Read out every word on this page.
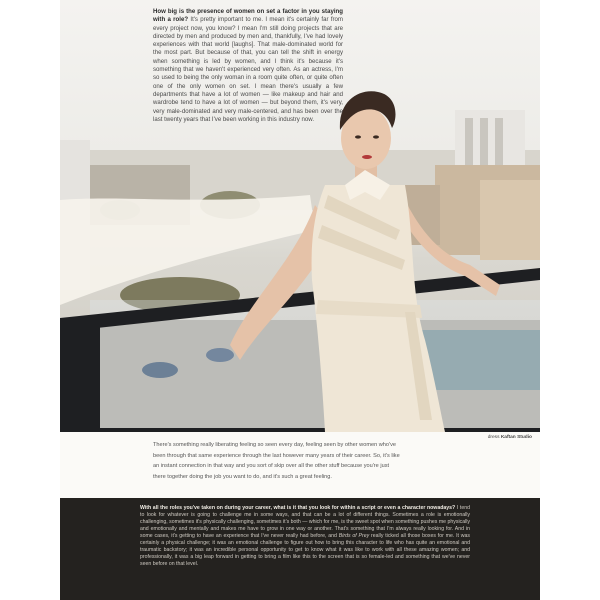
How big is the presence of women on set a factor in you staying with a role? It's pretty important to me. I mean it's certainly far from every project now, you know? I mean I'm still doing projects that are directed by men and produced by men and, thankfully, I've had lovely experiences with that world [laughs]. That male-dominated world for the most part. But because of that, you can tell the shift in energy when something is led by women, and I think it's because it's something that we haven't experienced very often. As an actress, I'm so used to being the only woman in a room quite often, or quite often one of the only women on set. I mean there's usually a few departments that have a lot of women — like makeup and hair and wardrobe tend to have a lot of women — but beyond them, it's very, very male-dominated and very male-centered, and has been over the last twenty years that I've been working in this industry now.
dress Kaftan Studio
There's something really liberating feeling so seen every day, feeling seen by other women who've
been through that same experience through the last however many years of their career. So, it's like
an instant connection in that way and you sort of skip over all the other stuff because you're just
there together doing the job you want to do, and it's such a great feeling.
With all the roles you've taken on during your career, what is it that you look for within a script or even a character nowadays? I tend to look for whatever is going to challenge me in some ways, and that can be a lot of different things. Sometimes a role is emotionally challenging, sometimes it's physically challenging, sometimes it's both — which for me, is the sweet spot when something pushes me physically and emotionally and mentally and makes me have to grow in one way or another. That's something that I'm always really looking for. And in some cases, it's getting to have an experience that I've never really had before, and Birds of Prey really ticked all those boxes for me. It was certainly a physical challenge; it was an emotional challenge to figure out how to bring this character to life who has quite an emotional and traumatic backstory; it was an incredible personal opportunity to get to know what it was like to work with all these amazing women; and professionally, it was a big leap forward in getting to bring a film like this to the screen that is so female-led and something that we've never seen before on that level.
